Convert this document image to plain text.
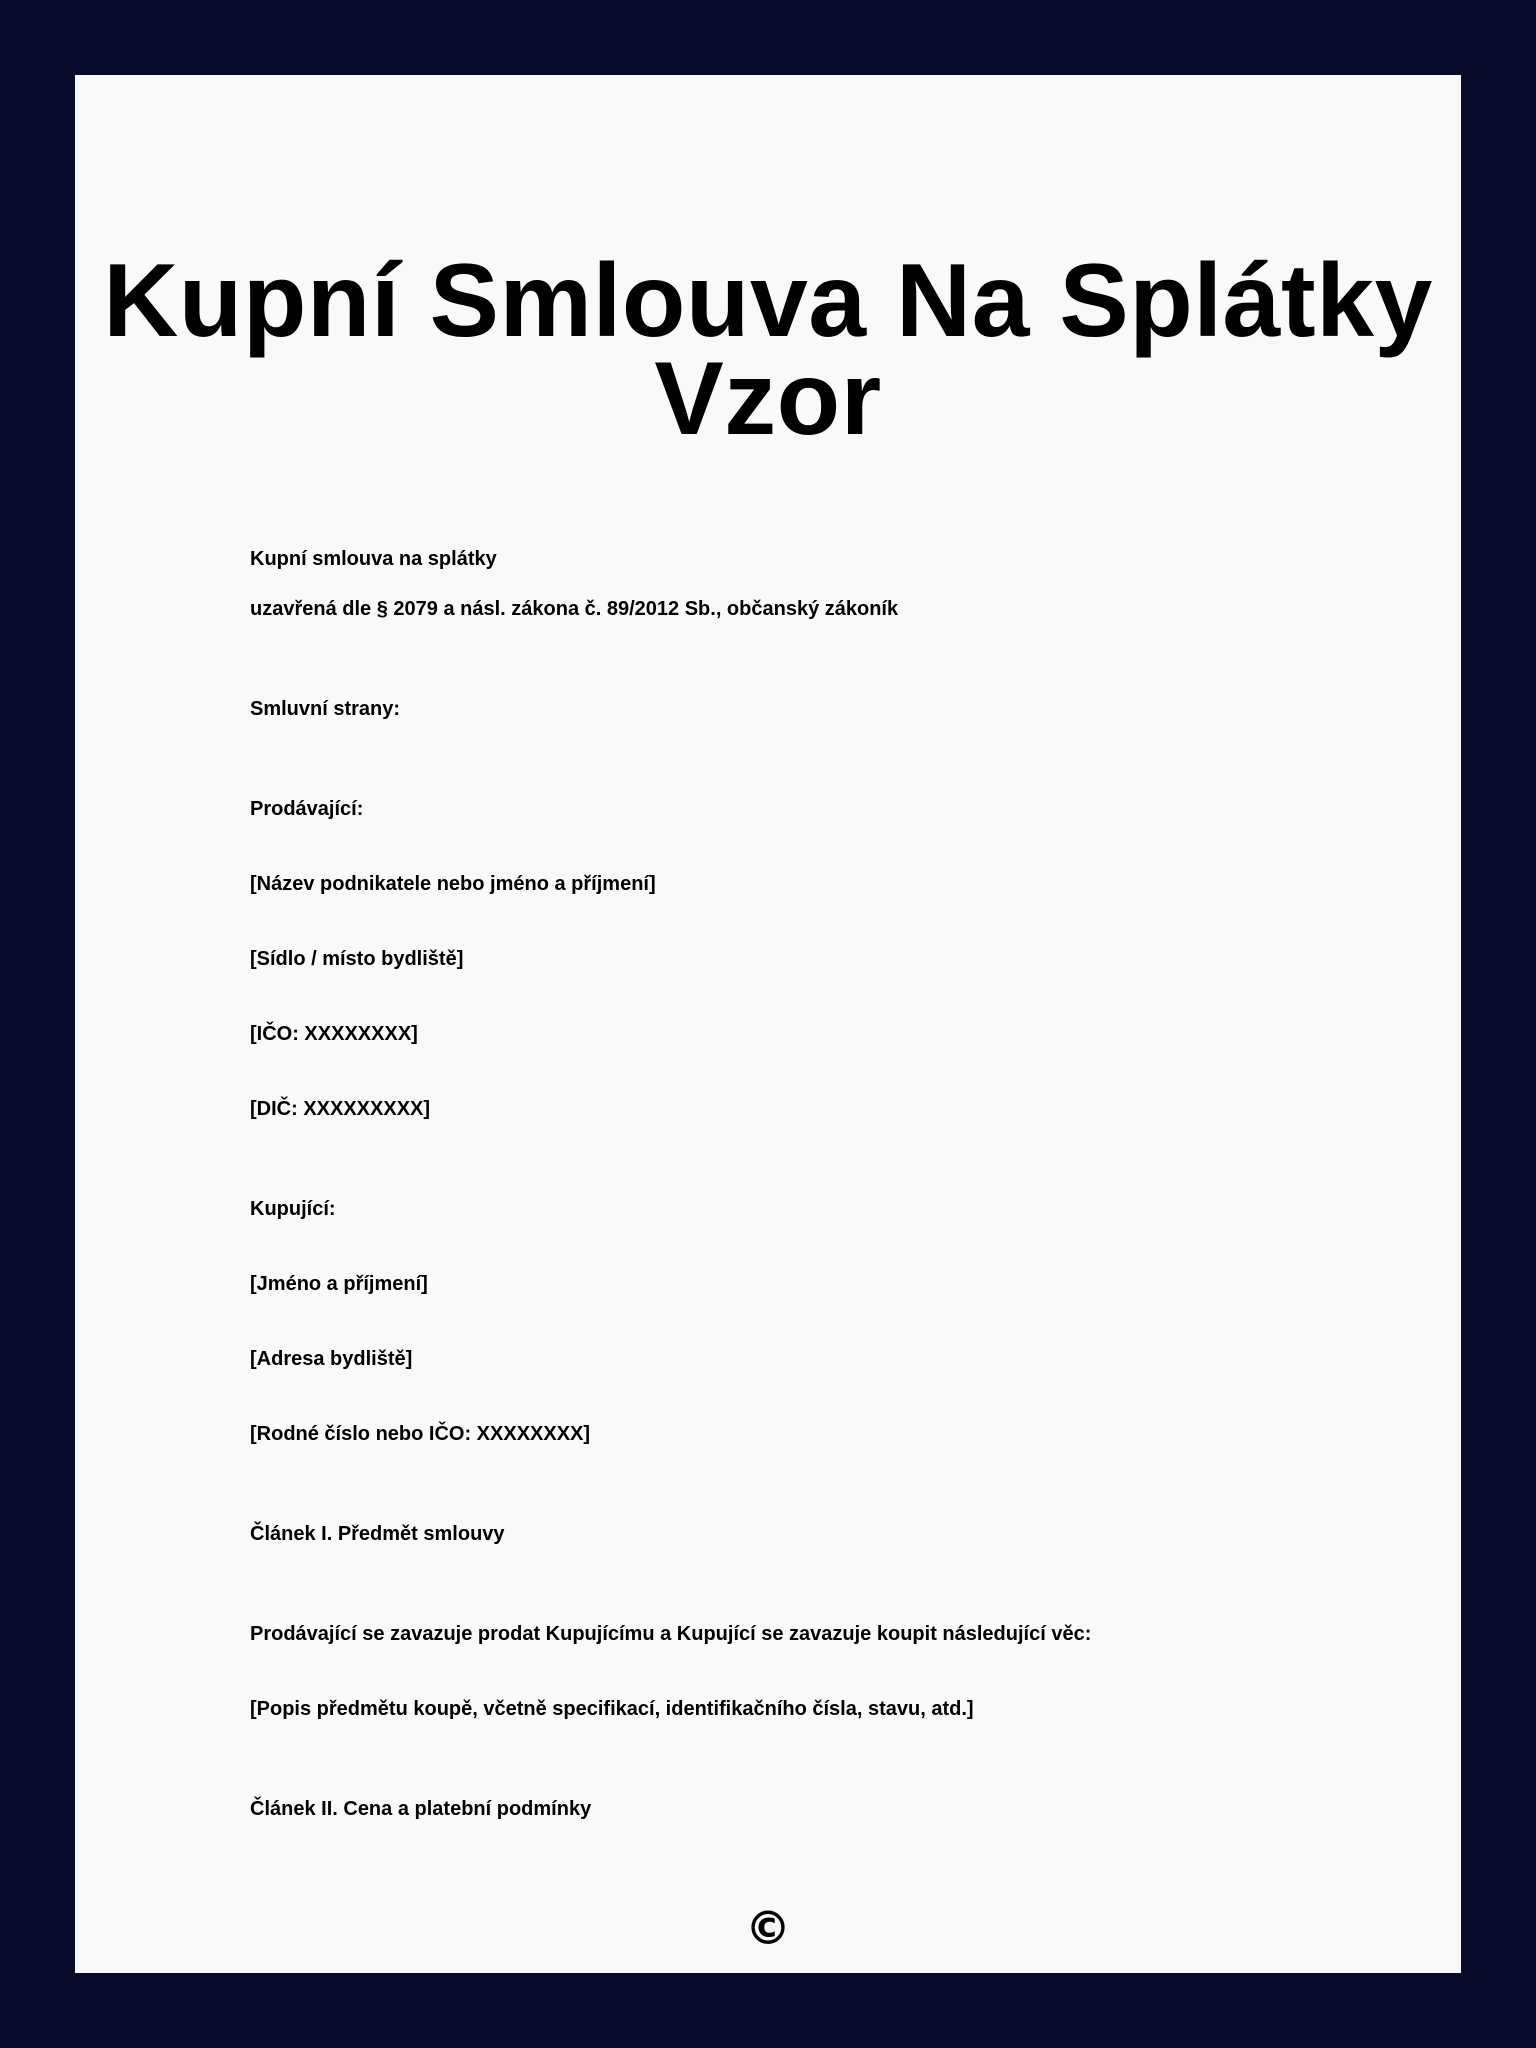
Kupní Smlouva Na Splátky Vzor

Kupní smlouva na splátky

uzavřená dle § 2079 a násl. zákona č. 89/2012 Sb., občanský zákoník

Smluvní strany:

Prodávající:

[Název podnikatele nebo jméno a příjmení]

[Sídlo / místo bydliště]

[IČO: XXXXXXXX]

[DIČ: XXXXXXXXX]

Kupující:

[Jméno a příjmení]

[Adresa bydliště]

[Rodné číslo nebo IČO: XXXXXXXX]

Článek I. Předmět smlouvy

Prodávající se zavazuje prodat Kupujícímu a Kupující se zavazuje koupit následující věc:

[Popis předmětu koupě, včetně specifikací, identifikačního čísla, stavu, atd.]

Článek II. Cena a platební podmínky

©
